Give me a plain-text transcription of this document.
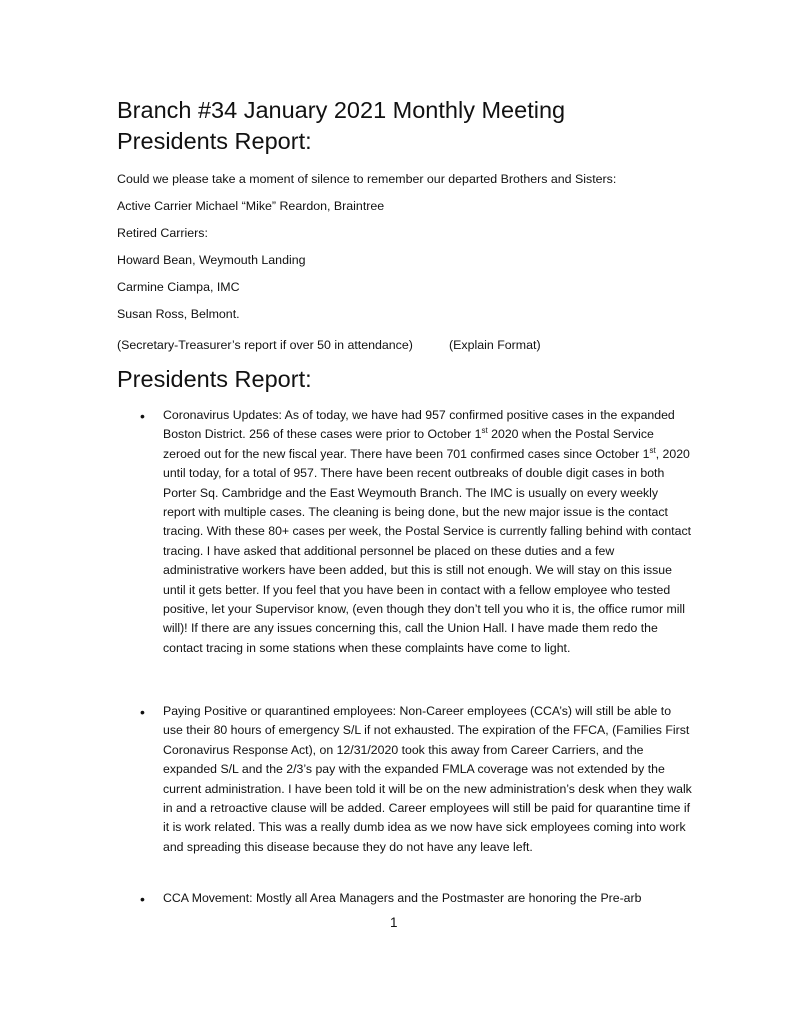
Branch #34 January 2021 Monthly Meeting
Presidents Report:
Could we please take a moment of silence to remember our departed Brothers and Sisters:
Active Carrier Michael “Mike” Reardon, Braintree
Retired Carriers:
Howard Bean, Weymouth Landing
Carmine Ciampa, IMC
Susan Ross, Belmont.
(Secretary-Treasurer’s report if over 50 in attendance)	(Explain Format)
Presidents Report:
• Coronavirus Updates: As of today, we have had 957 confirmed positive cases in the expanded Boston District. 256 of these cases were prior to October 1st 2020 when the Postal Service zeroed out for the new fiscal year. There have been 701 confirmed cases since October 1st, 2020 until today, for a total of 957. There have been recent outbreaks of double digit cases in both Porter Sq. Cambridge and the East Weymouth Branch. The IMC is usually on every weekly report with multiple cases. The cleaning is being done, but the new major issue is the contact tracing. With these 80+ cases per week, the Postal Service is currently falling behind with contact tracing. I have asked that additional personnel be placed on these duties and a few administrative workers have been added, but this is still not enough. We will stay on this issue until it gets better. If you feel that you have been in contact with a fellow employee who tested positive, let your Supervisor know, (even though they don’t tell you who it is, the office rumor mill will)! If there are any issues concerning this, call the Union Hall. I have made them redo the contact tracing in some stations when these complaints have come to light.

• Paying Positive or quarantined employees: Non-Career employees (CCA’s) will still be able to use their 80 hours of emergency S/L if not exhausted. The expiration of the FFCA, (Families First Coronavirus Response Act), on 12/31/2020 took this away from Career Carriers, and the expanded S/L and the 2/3’s pay with the expanded FMLA coverage was not extended by the current administration. I have been told it will be on the new administration’s desk when they walk in and a retroactive clause will be added. Career employees will still be paid for quarantine time if it is work related. This was a really dumb idea as we now have sick employees coming into work and spreading this disease because they do not have any leave left.

• CCA Movement: Mostly all Area Managers and the Postmaster are honoring the Pre-arb

1
